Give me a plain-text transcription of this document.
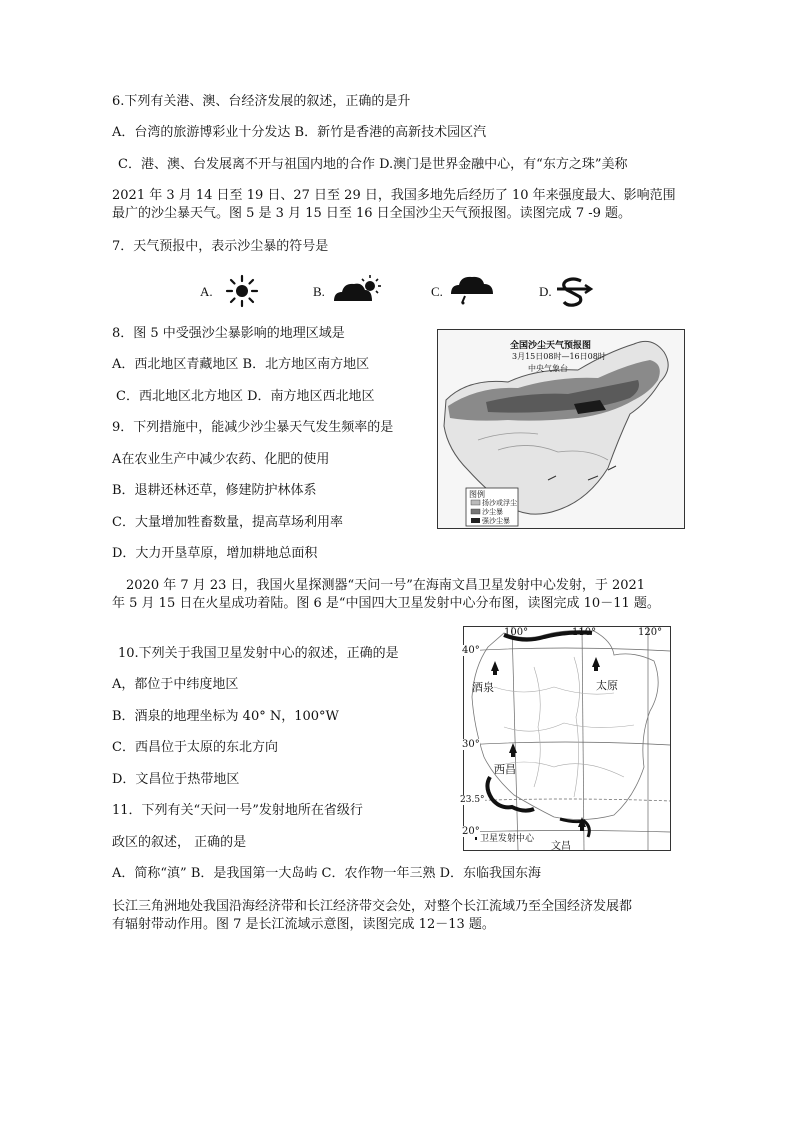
6.下列有关港、澳、台经济发展的叙述，正确的是升
A．台湾的旅游博彩业十分发达 B．新竹是香港的高新技术园区汽
C．港、澳、台发展离不开与祖国内地的合作 D.澳门是世界金融中心，有“东方之珠”美称
2021 年 3 月 14 日至 19 日、27 日至 29 日，我国多地先后经历了 10 年来强度最大、影响范围
最广的沙尘暴天气。图 5 是 3 月 15 日至 16 日全国沙尘天气预报图。读图完成 7 -9 题。
7．天气预报中，表示沙尘暴的符号是
A.	B.	C.	D.
8．图 5 中受强沙尘暴影响的地理区域是
A．西北地区青藏地区 B．北方地区南方地区
C．西北地区北方地区 D．南方地区西北地区
9．下列措施中，能减少沙尘暴天气发生频率的是
A在农业生产中减少农药、化肥的使用
B．退耕还林还草，修建防护林体系
C．大量增加牲畜数量，提高草场利用率
D．大力开垦草原，增加耕地总面积
全国沙尘天气预报图
3月15日08时—16日08时
中央气象台
图例
扬沙或浮尘
沙尘暴
强沙尘暴
2020 年 7 月 23 日，我国火星探测器“天问一号”在海南文昌卫星发射中心发射，于 2021
年 5 月 15 日在火星成功着陆。图 6 是“中国四大卫星发射中心分布图，读图完成 10－11 题。
10.下列关于我国卫星发射中心的叙述，正确的是
A，都位于中纬度地区
B．酒泉的地理坐标为 40° N，100°W
C．西昌位于太原的东北方向
D．文昌位于热带地区
11．下列有关“天问一号”发射地所在省级行
政区的叙述， 正确的是
A．简称“滇” B．是我国第一大岛屿 C．农作物一年三熟 D．东临我国东海
100°	110°	120°
40°
30°
23.5°
20°
酒泉	太原
西昌
文昌
卫星发射中心
长江三角洲地处我国沿海经济带和长江经济带交会处，对整个长江流域乃至全国经济发展都
有辐射带动作用。图 7 是长江流域示意图，读图完成 12－13 题。
